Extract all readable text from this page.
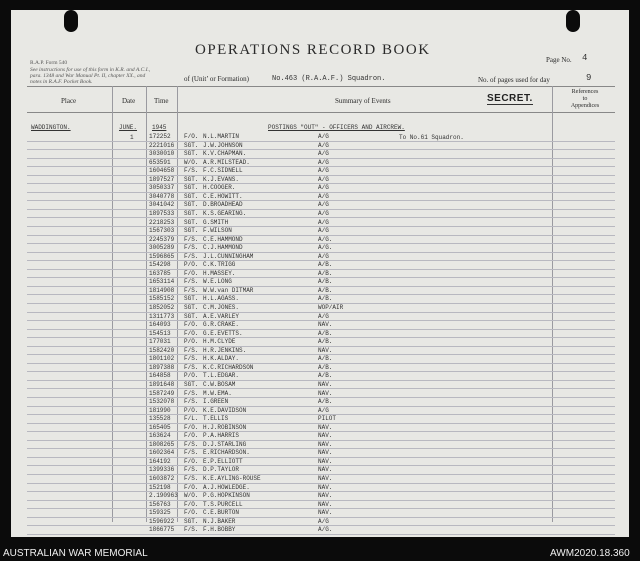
R.A.P. Form 540
See instructions for use of this form in K.R. and A.C.I.,
para. 1348 and War Manual Pt. II, chapter XX., and
notes in R.A.F. Pocket Book.
OPERATIONS RECORD BOOK
of (Unit’ or Formation)	No.463 (R.A.A.F.) Squadron.
Page No. 4
No. of pages used for day	9
Place	Date	Time	Summary of Events	SECRET.
References
to
Appendices
WADDINGTON.	JUNE. 1945
1
POSTINGS "OUT" - OFFICERS AND AIRCREW.
To No.61 Squadron.
172252 F/O. N.L.MARTIN	A/G
2221016 SGT. J.W.JOHNSON	A/G
3030010 SGT. K.V.CHAPMAN.	A/G
653591 W/O. A.R.MILSTEAD.	A/G
1604658 F/S. F.C.SIDNELL	A/G
1897527 SGT. K.J.EVANS.	A/G
3050337 SGT. H.COOGER.	A/G
3040778 SGT. C.E.HOWITT.	A/G
3041042 SGT. D.BROADHEAD	A/G
1897533 SGT. K.S.GEARING.	A/G
2218253 SGT. G.SMITH	A/G
1567303 SGT. F.WILSON	A/G
2245379 F/S. C.E.HAMMOND	A/G.
3005289 F/S. C.J.HAMMOND	A/G.
1596865 F/S. J.L.CUNNINGHAM	A/G
154298 P/O. C.K.TRIGG	A/B.
163785 F/O. H.MASSEY.	A/B.
1653114 F/S. W.E.LONG	A/B.
1814908 F/S. W.W.van DITMAR	A/B.
1585152 SGT. H.L.AGASS.	A/B.
1852052 SGT. C.M.JONES.	WOP/AIR
1311773 SGT. A.E.VARLEY	A/G
164093 F/O. G.R.CRAKE.	NAV.
154513 F/O. G.E.EVETTS.	A/B.
177031 P/O. H.M.CLYDE	A/B.
1582420 F/S. H.R.JENKINS.	NAV.
1801102 F/S. H.K.ALDAY.	A/B.
1897388 F/S. K.C.RICHARDSON	A/B.
164858 P/O. T.L.EDGAR.	A/B.
1891648 SGT. C.W.BOSAM	NAV.
1587249 F/S. M.W.EMA.	NAV.
1532078 F/S. I.GREEN	A/B.
181990 P/O. K.E.DAVIDSON	A/G
135528 F/L. T.ELLIS	PILOT
165405 F/O. H.J.ROBINSON	NAV.
163624 F/O. P.A.HARRIS	NAV.
1808265 F/S. D.J.STARLING	NAV.
1602364 F/S. E.RICHARDSON.	NAV.
164192 F/O. E.P.ELLIOTT	NAV.
1399336 F/S. D.P.TAYLOR	NAV.
1603872 F/S. K.E.AYLING-ROUSE	NAV.
152198 F/O. A.J.HOWLEDGE.	NAV.
2.190963 W/O. P.G.HOPKINSON	NAV.
156763 F/O. T.S.PURCELL	NAV.
159325 F/O. C.E.BURTON	NAV.
1596922 SGT. N.J.BAKER	A/G
1866775 F/S. F.H.BOBBY	A/G.
AUSTRALIAN WAR MEMORIAL	AWM2020.18.360
